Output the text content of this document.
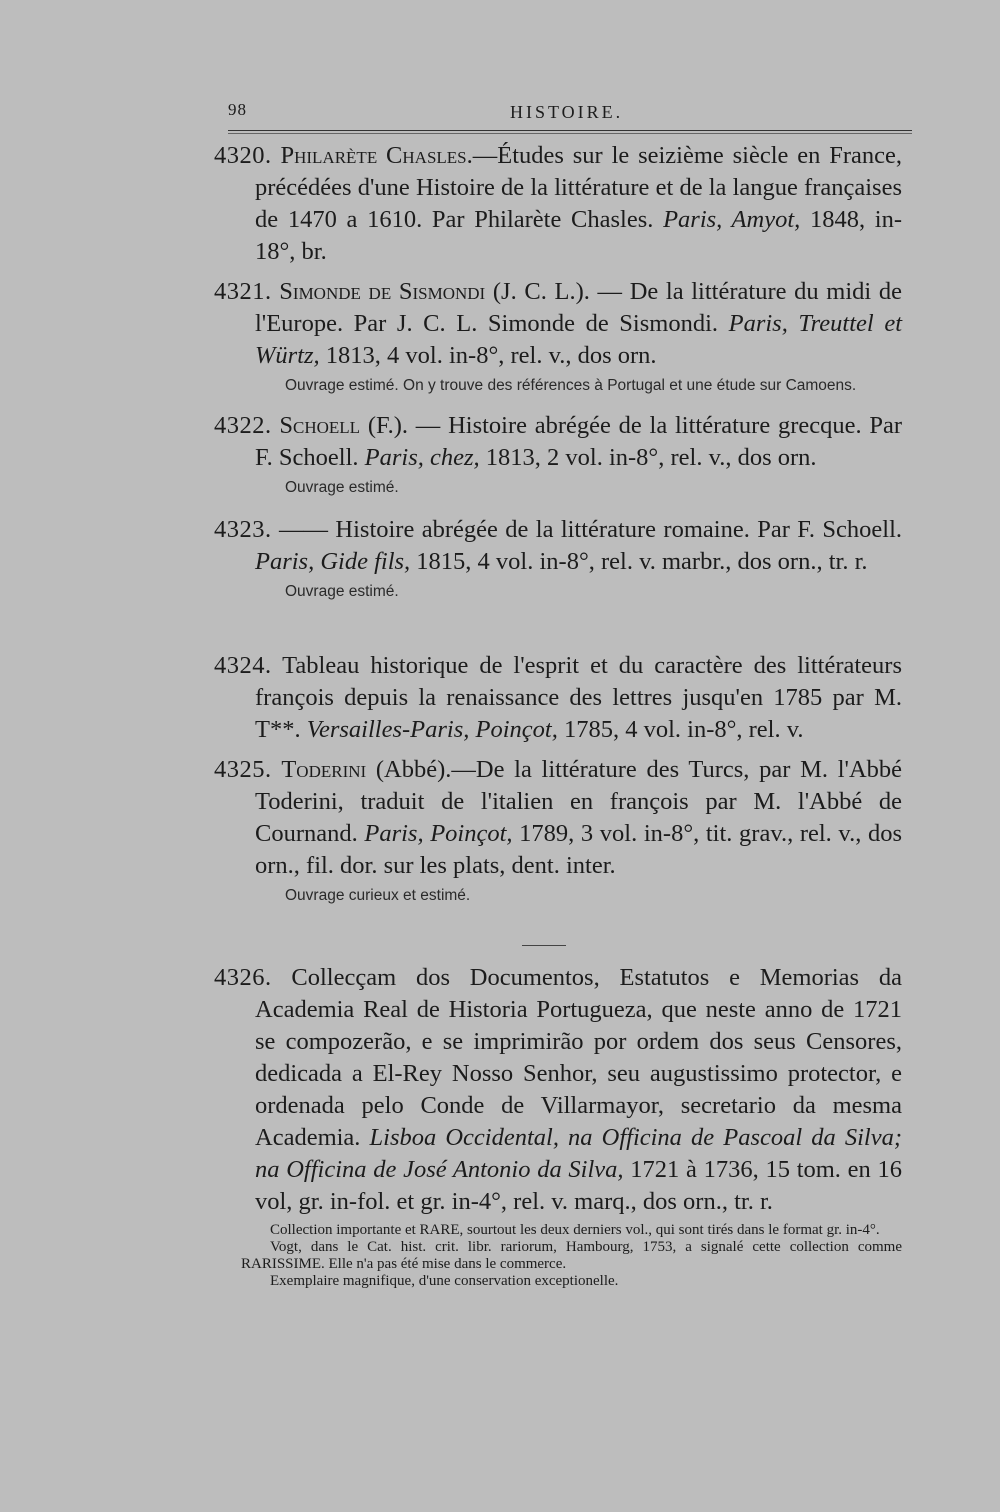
98	HISTOIRE.

4320. Philarète Chasles.—Études sur le seizième siècle en France, précédées d'une Histoire de la littérature et de la langue françaises de 1470 a 1610. Par Philarète Chasles. Paris, Amyot, 1848, in-18°, br.

4321. Simonde de Sismondi (J. C. L.). — De la littérature du midi de l'Europe. Par J. C. L. Simonde de Sismondi. Paris, Treuttel et Würtz, 1813, 4 vol. in-8°, rel. v., dos orn.

Ouvrage estimé. On y trouve des références à Portugal et une étude sur Camoens.

4322. Schoell (F.). — Histoire abrégée de la littérature grecque. Par F. Schoell. Paris, chez, 1813, 2 vol. in-8°, rel. v., dos orn.

Ouvrage estimé.

4323. —— Histoire abrégée de la littérature romaine. Par F. Schoell. Paris, Gide fils, 1815, 4 vol. in-8°, rel. v. marbr., dos orn., tr. r.

Ouvrage estimé.

4324. Tableau historique de l'esprit et du caractère des littérateurs françois depuis la renaissance des lettres jusqu'en 1785 par M. T**. Versailles-Paris, Poinçot, 1785, 4 vol. in-8°, rel. v.

4325. Toderini (Abbé).—De la littérature des Turcs, par M. l'Abbé Toderini, traduit de l'italien en françois par M. l'Abbé de Cournand. Paris, Poinçot, 1789, 3 vol. in-8°, tit. grav., rel. v., dos orn., fil. dor. sur les plats, dent. inter.

Ouvrage curieux et estimé.

4326. Collecçam dos Documentos, Estatutos e Memorias da Academia Real de Historia Portugueza, que neste anno de 1721 se compozerão, e se imprimirão por ordem dos seus Censores, dedicada a El-Rey Nosso Senhor, seu augustissimo protector, e ordenada pelo Conde de Villarmayor, secretario da mesma Academia. Lisboa Occidental, na Officina de Pascoal da Silva; na Officina de José Antonio da Silva, 1721 à 1736, 15 tom. en 16 vol, gr. in-fol. et gr. in-4°, rel. v. marq., dos orn., tr. r.

Collection importante et RARE, sourtout les deux derniers vol., qui sont tirés dans le format gr. in-4°.

Vogt, dans le Cat. hist. crit. libr. rariorum, Hambourg, 1753, a signalé cette collection comme RARISSIME. Elle n'a pas été mise dans le commerce.

Exemplaire magnifique, d'une conservation exceptionelle.
